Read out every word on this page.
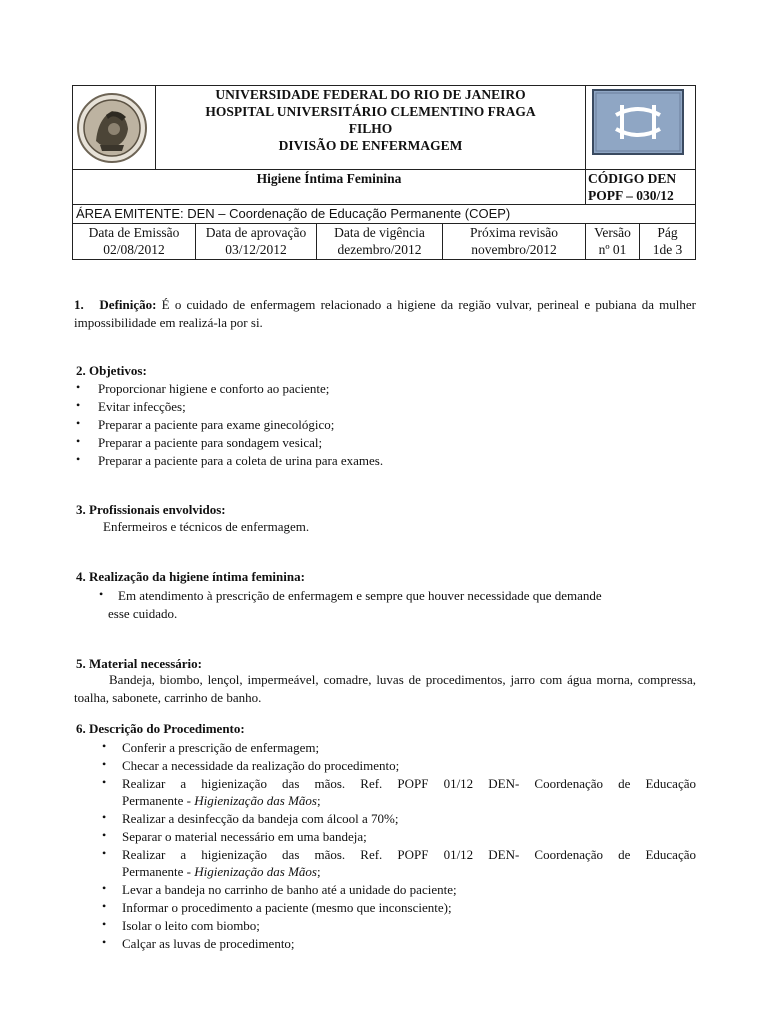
UNIVERSIDADE FEDERAL DO RIO DE JANEIRO
HOSPITAL UNIVERSITÁRIO CLEMENTINO FRAGA
FILHO
DIVISÃO DE ENFERMAGEM
Higiene Íntima Feminina	CÓDIGO DEN
POPF – 030/12
ÁREA EMITENTE: DEN – Coordenação de Educação Permanente (COEP)
Data de Emissão
02/08/2012
Data de aprovação
03/12/2012
Data de vigência
dezembro/2012
Próxima revisão
novembro/2012
Versão
nº 01
Pág
1de 3
1. Definição: É o cuidado de enfermagem relacionado a higiene da região vulvar, perineal e pubiana da mulher impossibilidade em realizá-la por si.
2. Objetivos:
• Proporcionar higiene e conforto ao paciente;
• Evitar infecções;
• Preparar a paciente para exame ginecológico;
• Preparar a paciente para sondagem vesical;
• Preparar a paciente para a coleta de urina para exames.
3. Profissionais envolvidos:
Enfermeiros e técnicos de enfermagem.
4. Realização da higiene íntima feminina:
• Em atendimento à prescrição de enfermagem e sempre que houver necessidade que demande
esse cuidado.
5. Material necessário:
Bandeja, biombo, lençol, impermeável, comadre, luvas de procedimentos, jarro com água morna, compressa, toalha, sabonete, carrinho de banho.
6. Descrição do Procedimento:
• Conferir a prescrição de enfermagem;
• Checar a necessidade da realização do procedimento;
• Realizar a higienização das mãos. Ref. POPF 01/12 DEN- Coordenação de Educação
Permanente - Higienização das Mãos;
• Realizar a desinfecção da bandeja com álcool a 70%;
• Separar o material necessário em uma bandeja;
• Realizar a higienização das mãos. Ref. POPF 01/12 DEN- Coordenação de Educação
Permanente - Higienização das Mãos;
• Levar a bandeja no carrinho de banho até a unidade do paciente;
• Informar o procedimento a paciente (mesmo que inconsciente);
• Isolar o leito com biombo;
• Calçar as luvas de procedimento;
